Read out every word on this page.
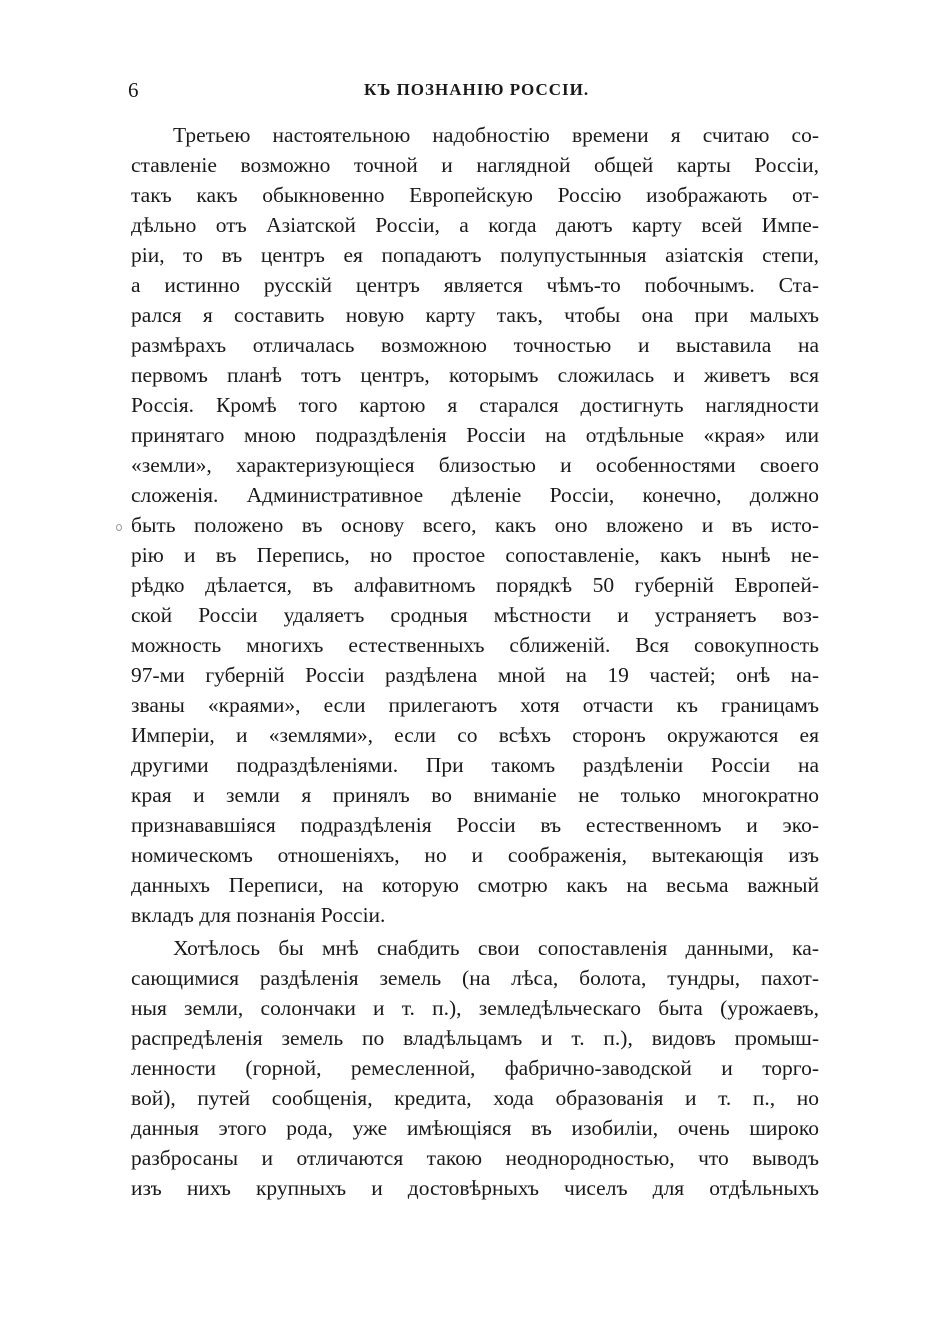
6	КЪ ПОЗНАНІЮ РОССІИ.
Третьею настоятельною надобностію времени я считаю со-
ставленіе возможно точной и наглядной общей карты Россіи,
такъ какъ обыкновенно Европейскую Россію изображають от-
дѣльно отъ Азіатской Россіи, а когда даютъ карту всей Импе-
ріи, то въ центръ ея попадаютъ полупустынныя азіатскія степи,
а истинно русскій центръ является чѣмъ-то побочнымъ. Ста-
рался я составить новую карту такъ, чтобы она при малыхъ
размѣрахъ отличалась возможною точностью и выставила на
первомъ планѣ тотъ центръ, которымъ сложилась и живетъ вся
Россія. Кромѣ того картою я старался достигнуть наглядности
принятаго мною подраздѣленія Россіи на отдѣльные «края» или
«земли», характеризующіеся близостью и особенностями своего
сложенія. Административное дѣленіе Россіи, конечно, должно
быть положено въ основу всего, какъ оно вложено и въ исто-
рію и въ Перепись, но простое сопоставленіе, какъ нынѣ не-
рѣдко дѣлается, въ алфавитномъ порядкѣ 50 губерній Европей-
ской Россіи удаляетъ сродныя мѣстности и устраняетъ воз-
можность многихъ естественныхъ сближеній. Вся совокупность
97-ми губерній Россіи раздѣлена мной на 19 частей; онѣ на-
званы «краями», если прилегаютъ хотя отчасти къ границамъ
Имперіи, и «землями», если со всѣхъ сторонъ окружаются ея
другими подраздѣленіями. При такомъ раздѣленіи Россіи на
края и земли я принялъ во вниманіе не только многократно
признававшіяся подраздѣленія Россіи въ естественномъ и эко-
номическомъ отношеніяхъ, но и соображенія, вытекающія изъ
данныхъ Переписи, на которую смотрю какъ на весьма важный
вкладъ для познанія Россіи.
Хотѣлось бы мнѣ снабдить свои сопоставленія данными, ка-
сающимися раздѣленія земель (на лѣса, болота, тундры, пахот-
ныя земли, солончаки и т. п.), земледѣльческаго быта (урожаевъ,
распредѣленія земель по владѣльцамъ и т. п.), видовъ промыш-
ленности (горной, ремесленной, фабрично-заводской и торго-
вой), путей сообщенія, кредита, хода образованія и т. п., но
данныя этого рода, уже имѣющіяся въ изобиліи, очень широко
разбросаны и отличаются такою неоднородностью, что выводъ
изъ нихъ крупныхъ и достовѣрныхъ чиселъ для отдѣльныхъ
